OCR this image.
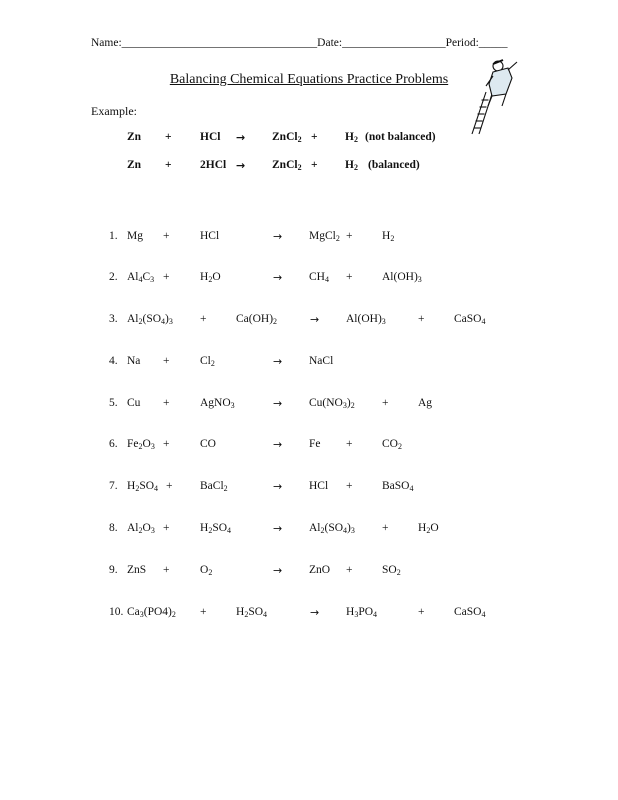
Name:__________________________________Date:__________________Period:_____
Balancing Chemical Equations Practice Problems
Example:
Zn + HCl → ZnCl$_2$ + $H_2$ (not balanced)
Zn + 2HCl → ZnCl$_2$ + $H_2$ (balanced)
1. Mg +	HCl	→ MgCl$_2$ +	$H_2$
2. $Al_4C_3$ +	$H_2O$	→ $CH_4$ +	$Al(OH)_3$
3. $Al_2(SO_4)_3$ +	$Ca(OH)_2$	→ $Al(OH)_3$	+	CaSO$_4$
4. Na +	$Cl_2$	→ NaCl
5. Cu +	AgNO$_3$	→ $Cu(NO_3)_2$ +	Ag
6. $Fe_2O_3$ +	CO	→ Fe +	$CO_2$
7. $H_2SO_4$ + BaCl$_2$	→ HCl +	BaSO$_4$
8. $Al_2O_3$ +	$H_2SO_4$	→ $Al_2(SO_4)_3$ +	$H_2O$
9. ZnS +	$O_2$	→ ZnO +	$SO_2$
10. $Ca_3(PO4)_2$ +	$H_2SO_4$	→ $H_3PO_4$	+	CaSO$_4$
